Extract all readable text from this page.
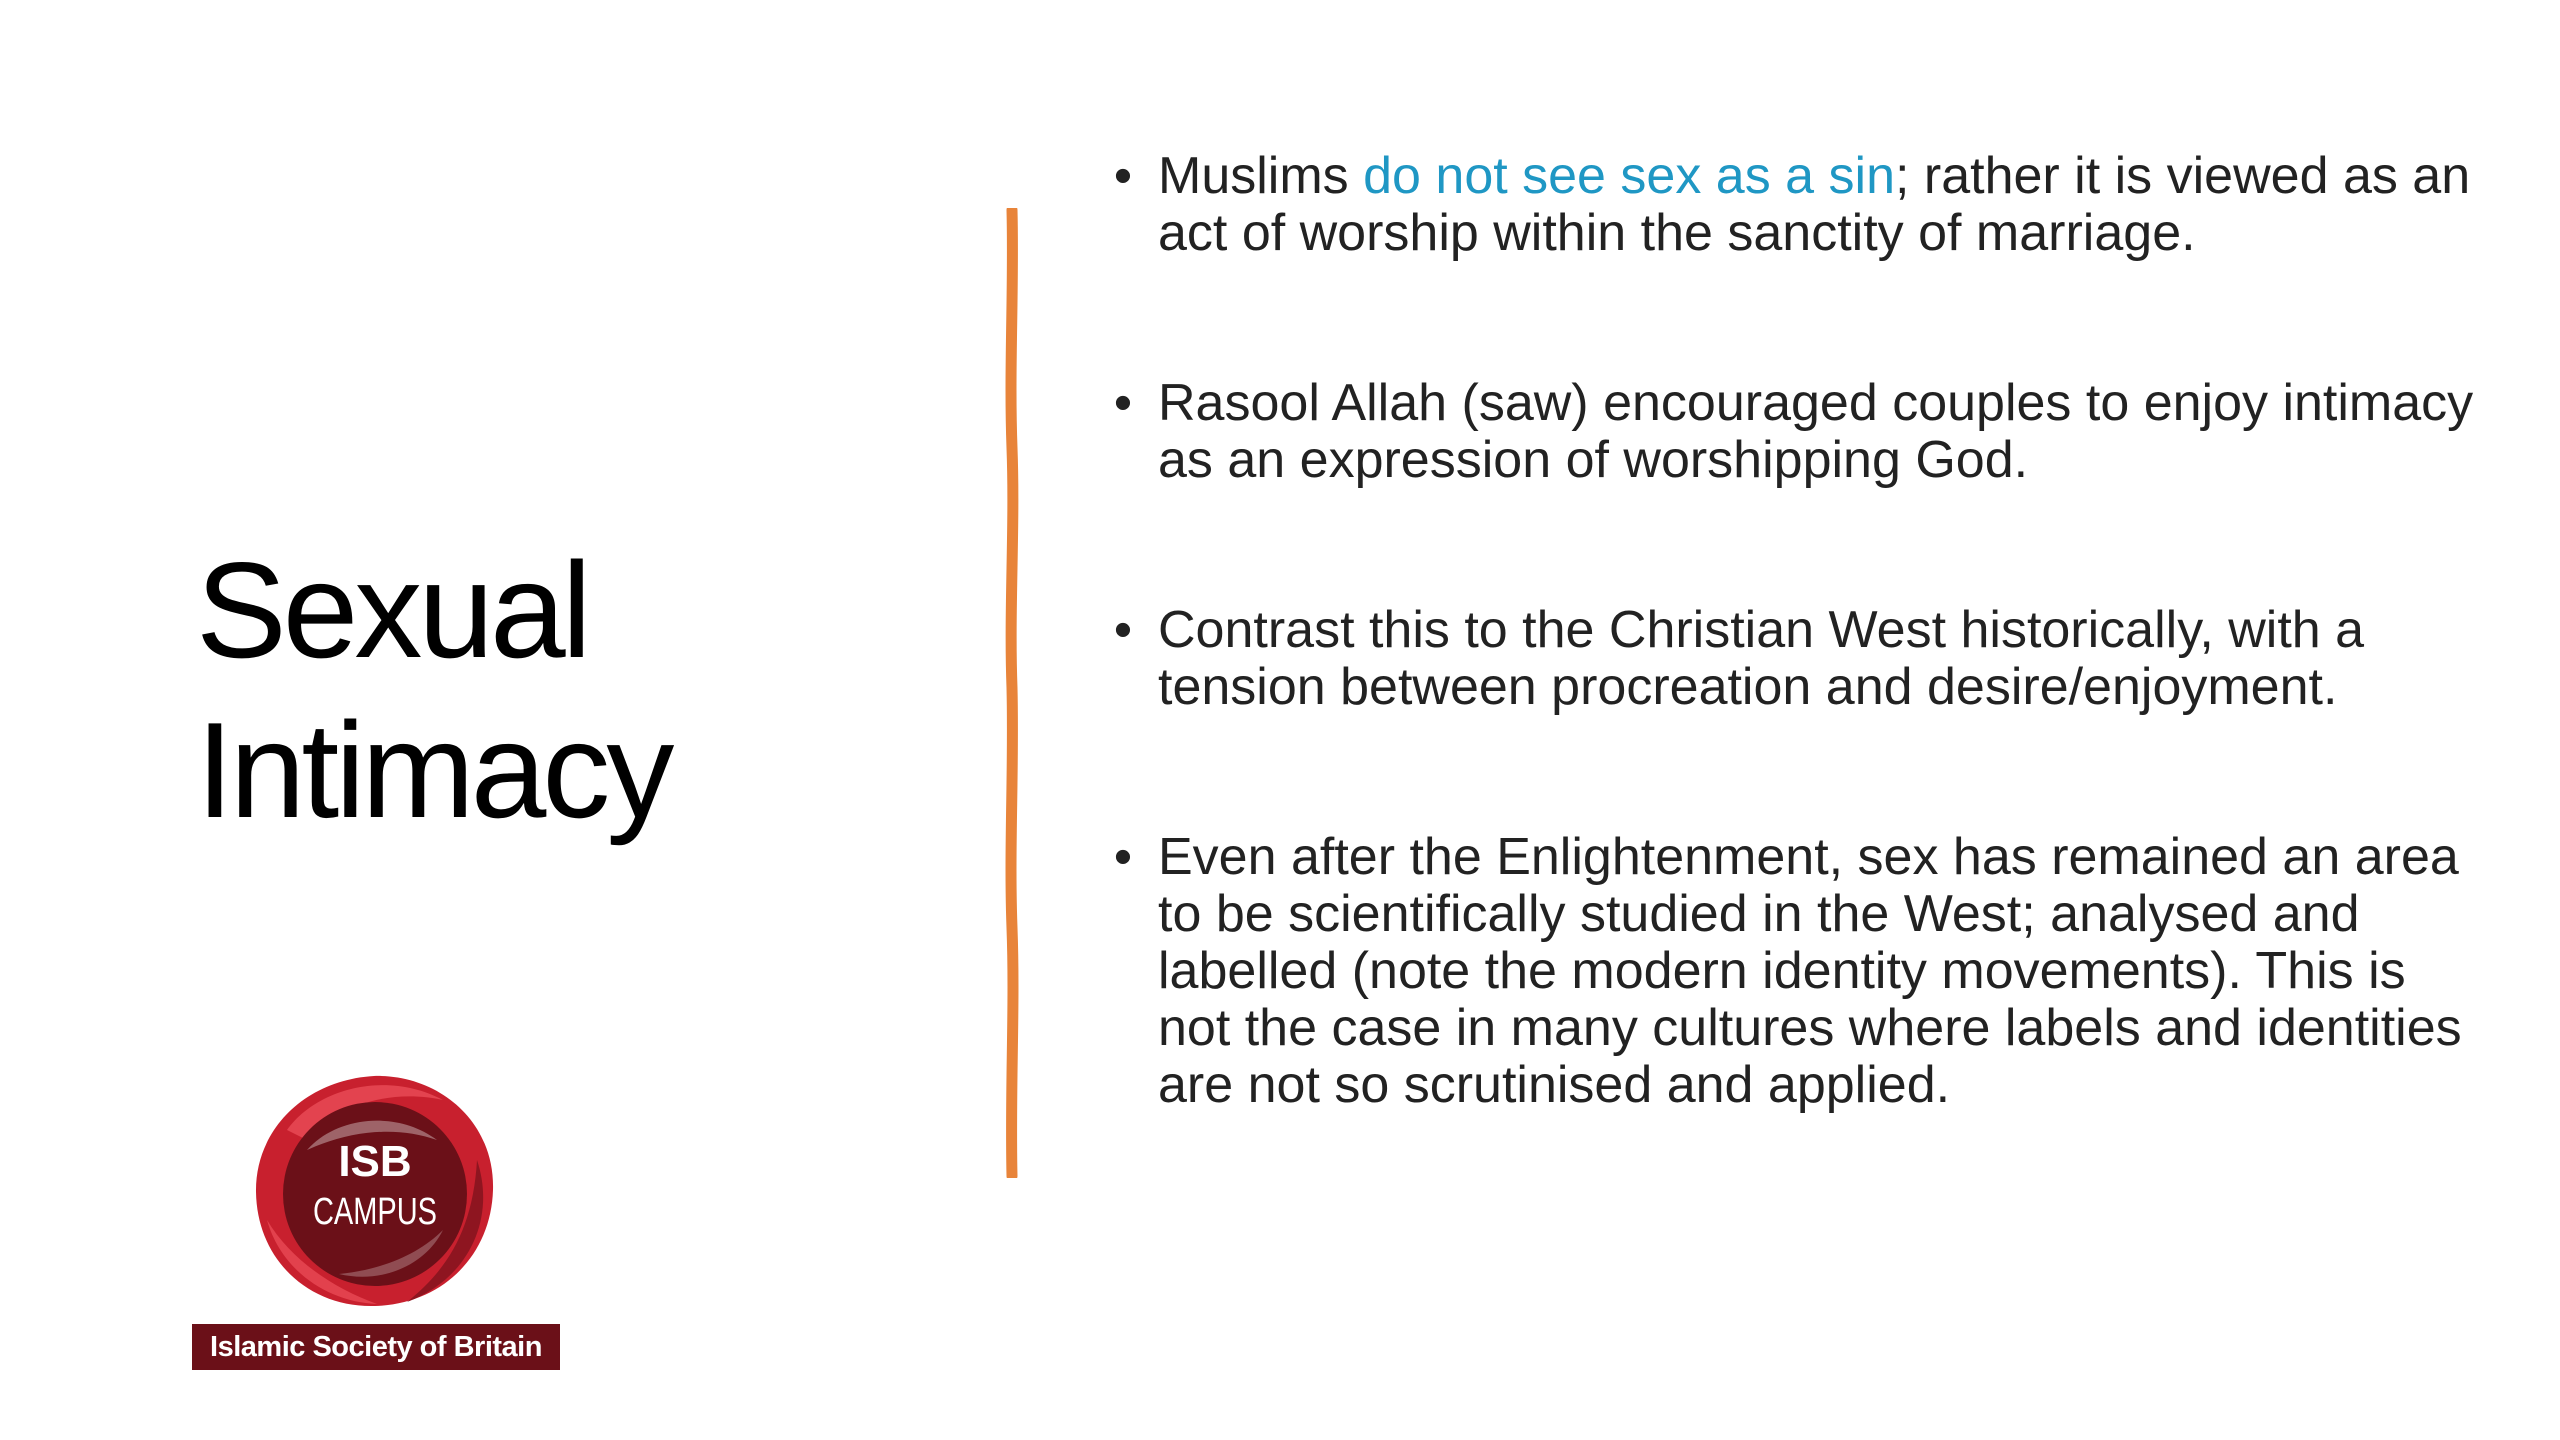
Sexual
Intimacy
• Muslims do not see sex as a sin; rather it is viewed as an act of worship within the sanctity of marriage.
• Rasool Allah (saw) encouraged couples to enjoy intimacy as an expression of worshipping God.
• Contrast this to the Christian West historically, with a tension between procreation and desire/enjoyment.
• Even after the Enlightenment, sex has remained an area to be scientifically studied in the West; analysed and labelled (note the modern identity movements). This is not the case in many cultures where labels and identities are not so scrutinised and applied.
ISB
CAMPUS
Islamic Society of Britain
